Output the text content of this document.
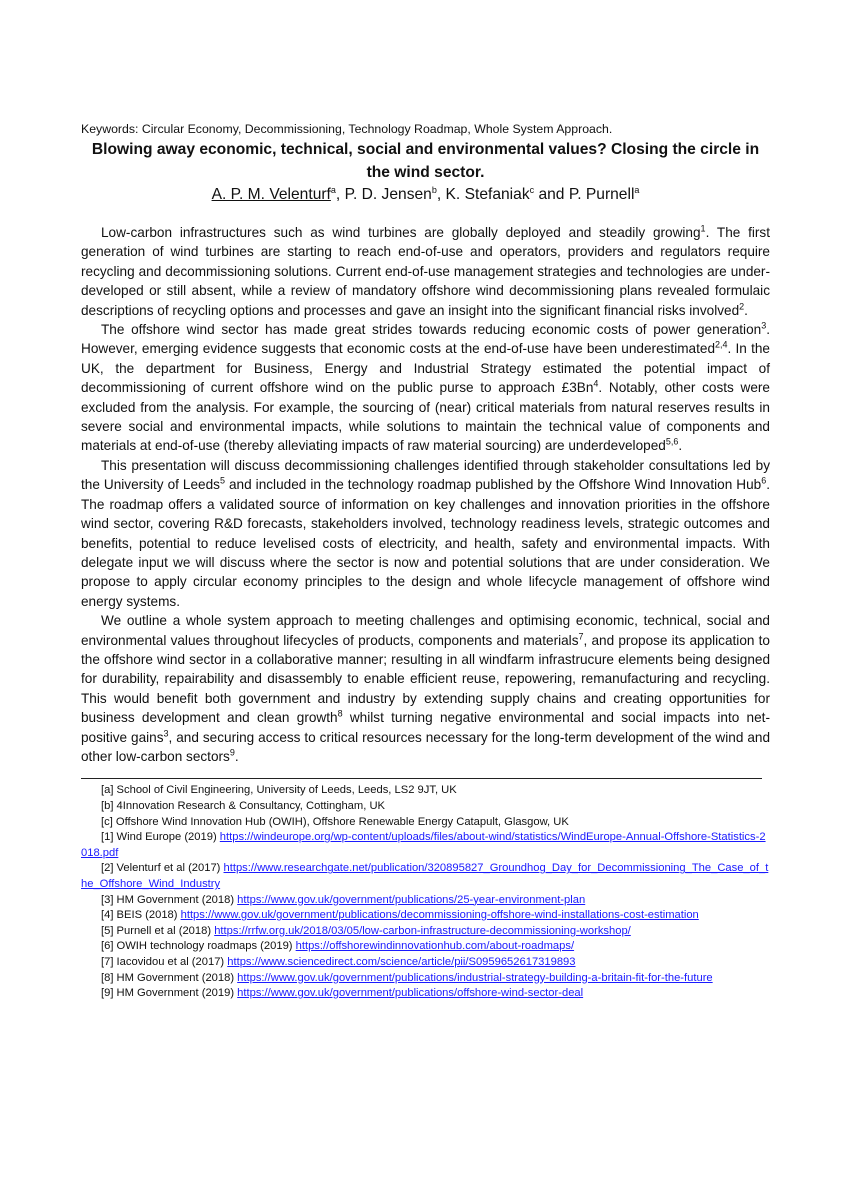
Keywords: Circular Economy, Decommissioning, Technology Roadmap, Whole System Approach.

Blowing away economic, technical, social and environmental values? Closing the circle in the wind sector.

A. P. M. Velenturf$^a$, P. D. Jensen$^b$, K. Stefaniak$^c$ and P. Purnell$^a$

Low-carbon infrastructures such as wind turbines are globally deployed and steadily growing$^1$. The first generation of wind turbines are starting to reach end-of-use and operators, providers and regulators require recycling and decommissioning solutions. Current end-of-use management strategies and technologies are under-developed or still absent, while a review of mandatory offshore wind decommissioning plans revealed formulaic descriptions of recycling options and processes and gave an insight into the significant financial risks involved$^2$.

The offshore wind sector has made great strides towards reducing economic costs of power generation$^3$. However, emerging evidence suggests that economic costs at the end-of-use have been underestimated$^{2,4}$. In the UK, the department for Business, Energy and Industrial Strategy estimated the potential impact of decommissioning of current offshore wind on the public purse to approach £3Bn$^4$. Notably, other costs were excluded from the analysis. For example, the sourcing of (near) critical materials from natural reserves results in severe social and environmental impacts, while solutions to maintain the technical value of components and materials at end-of-use (thereby alleviating impacts of raw material sourcing) are underdeveloped$^{5,6}$.

This presentation will discuss decommissioning challenges identified through stakeholder consultations led by the University of Leeds$^5$ and included in the technology roadmap published by the Offshore Wind Innovation Hub$^6$. The roadmap offers a validated source of information on key challenges and innovation priorities in the offshore wind sector, covering R&D forecasts, stakeholders involved, technology readiness levels, strategic outcomes and benefits, potential to reduce levelised costs of electricity, and health, safety and environmental impacts. With delegate input we will discuss where the sector is now and potential solutions that are under consideration. We propose to apply circular economy principles to the design and whole lifecycle management of offshore wind energy systems.

We outline a whole system approach to meeting challenges and optimising economic, technical, social and environmental values throughout lifecycles of products, components and materials$^7$, and propose its application to the offshore wind sector in a collaborative manner; resulting in all windfarm infrastrucure elements being designed for durability, repairability and disassembly to enable efficient reuse, repowering, remanufacturing and recycling. This would benefit both government and industry by extending supply chains and creating opportunities for business development and clean growth$^8$ whilst turning negative environmental and social impacts into net-positive gains$^3$, and securing access to critical resources necessary for the long-term development of the wind and other low-carbon sectors$^9$.

[a] School of Civil Engineering, University of Leeds, Leeds, LS2 9JT, UK

[b] 4Innovation Research & Consultancy, Cottingham, UK

[c] Offshore Wind Innovation Hub (OWIH), Offshore Renewable Energy Catapult, Glasgow, UK

[1] Wind Europe (2019) https://windeurope.org/wp-content/uploads/files/about-wind/statistics/WindEurope-Annual-Offshore-Statistics-2018.pdf

[2] Velenturf et al (2017) https://www.researchgate.net/publication/320895827_Groundhog_Day_for_Decommissioning_The_Case_of_the_Offshore_Wind_Industry

[3] HM Government (2018) https://www.gov.uk/government/publications/25-year-environment-plan

[4] BEIS (2018) https://www.gov.uk/government/publications/decommissioning-offshore-wind-installations-cost-estimation

[5] Purnell et al (2018) https://rrfw.org.uk/2018/03/05/low-carbon-infrastructure-decommissioning-workshop/

[6] OWIH technology roadmaps (2019) https://offshorewindinnovationhub.com/about-roadmaps/

[7] Iacovidou et al (2017) https://www.sciencedirect.com/science/article/pii/S0959652617319893

[8] HM Government (2018) https://www.gov.uk/government/publications/industrial-strategy-building-a-britain-fit-for-the-future

[9] HM Government (2019) https://www.gov.uk/government/publications/offshore-wind-sector-deal
